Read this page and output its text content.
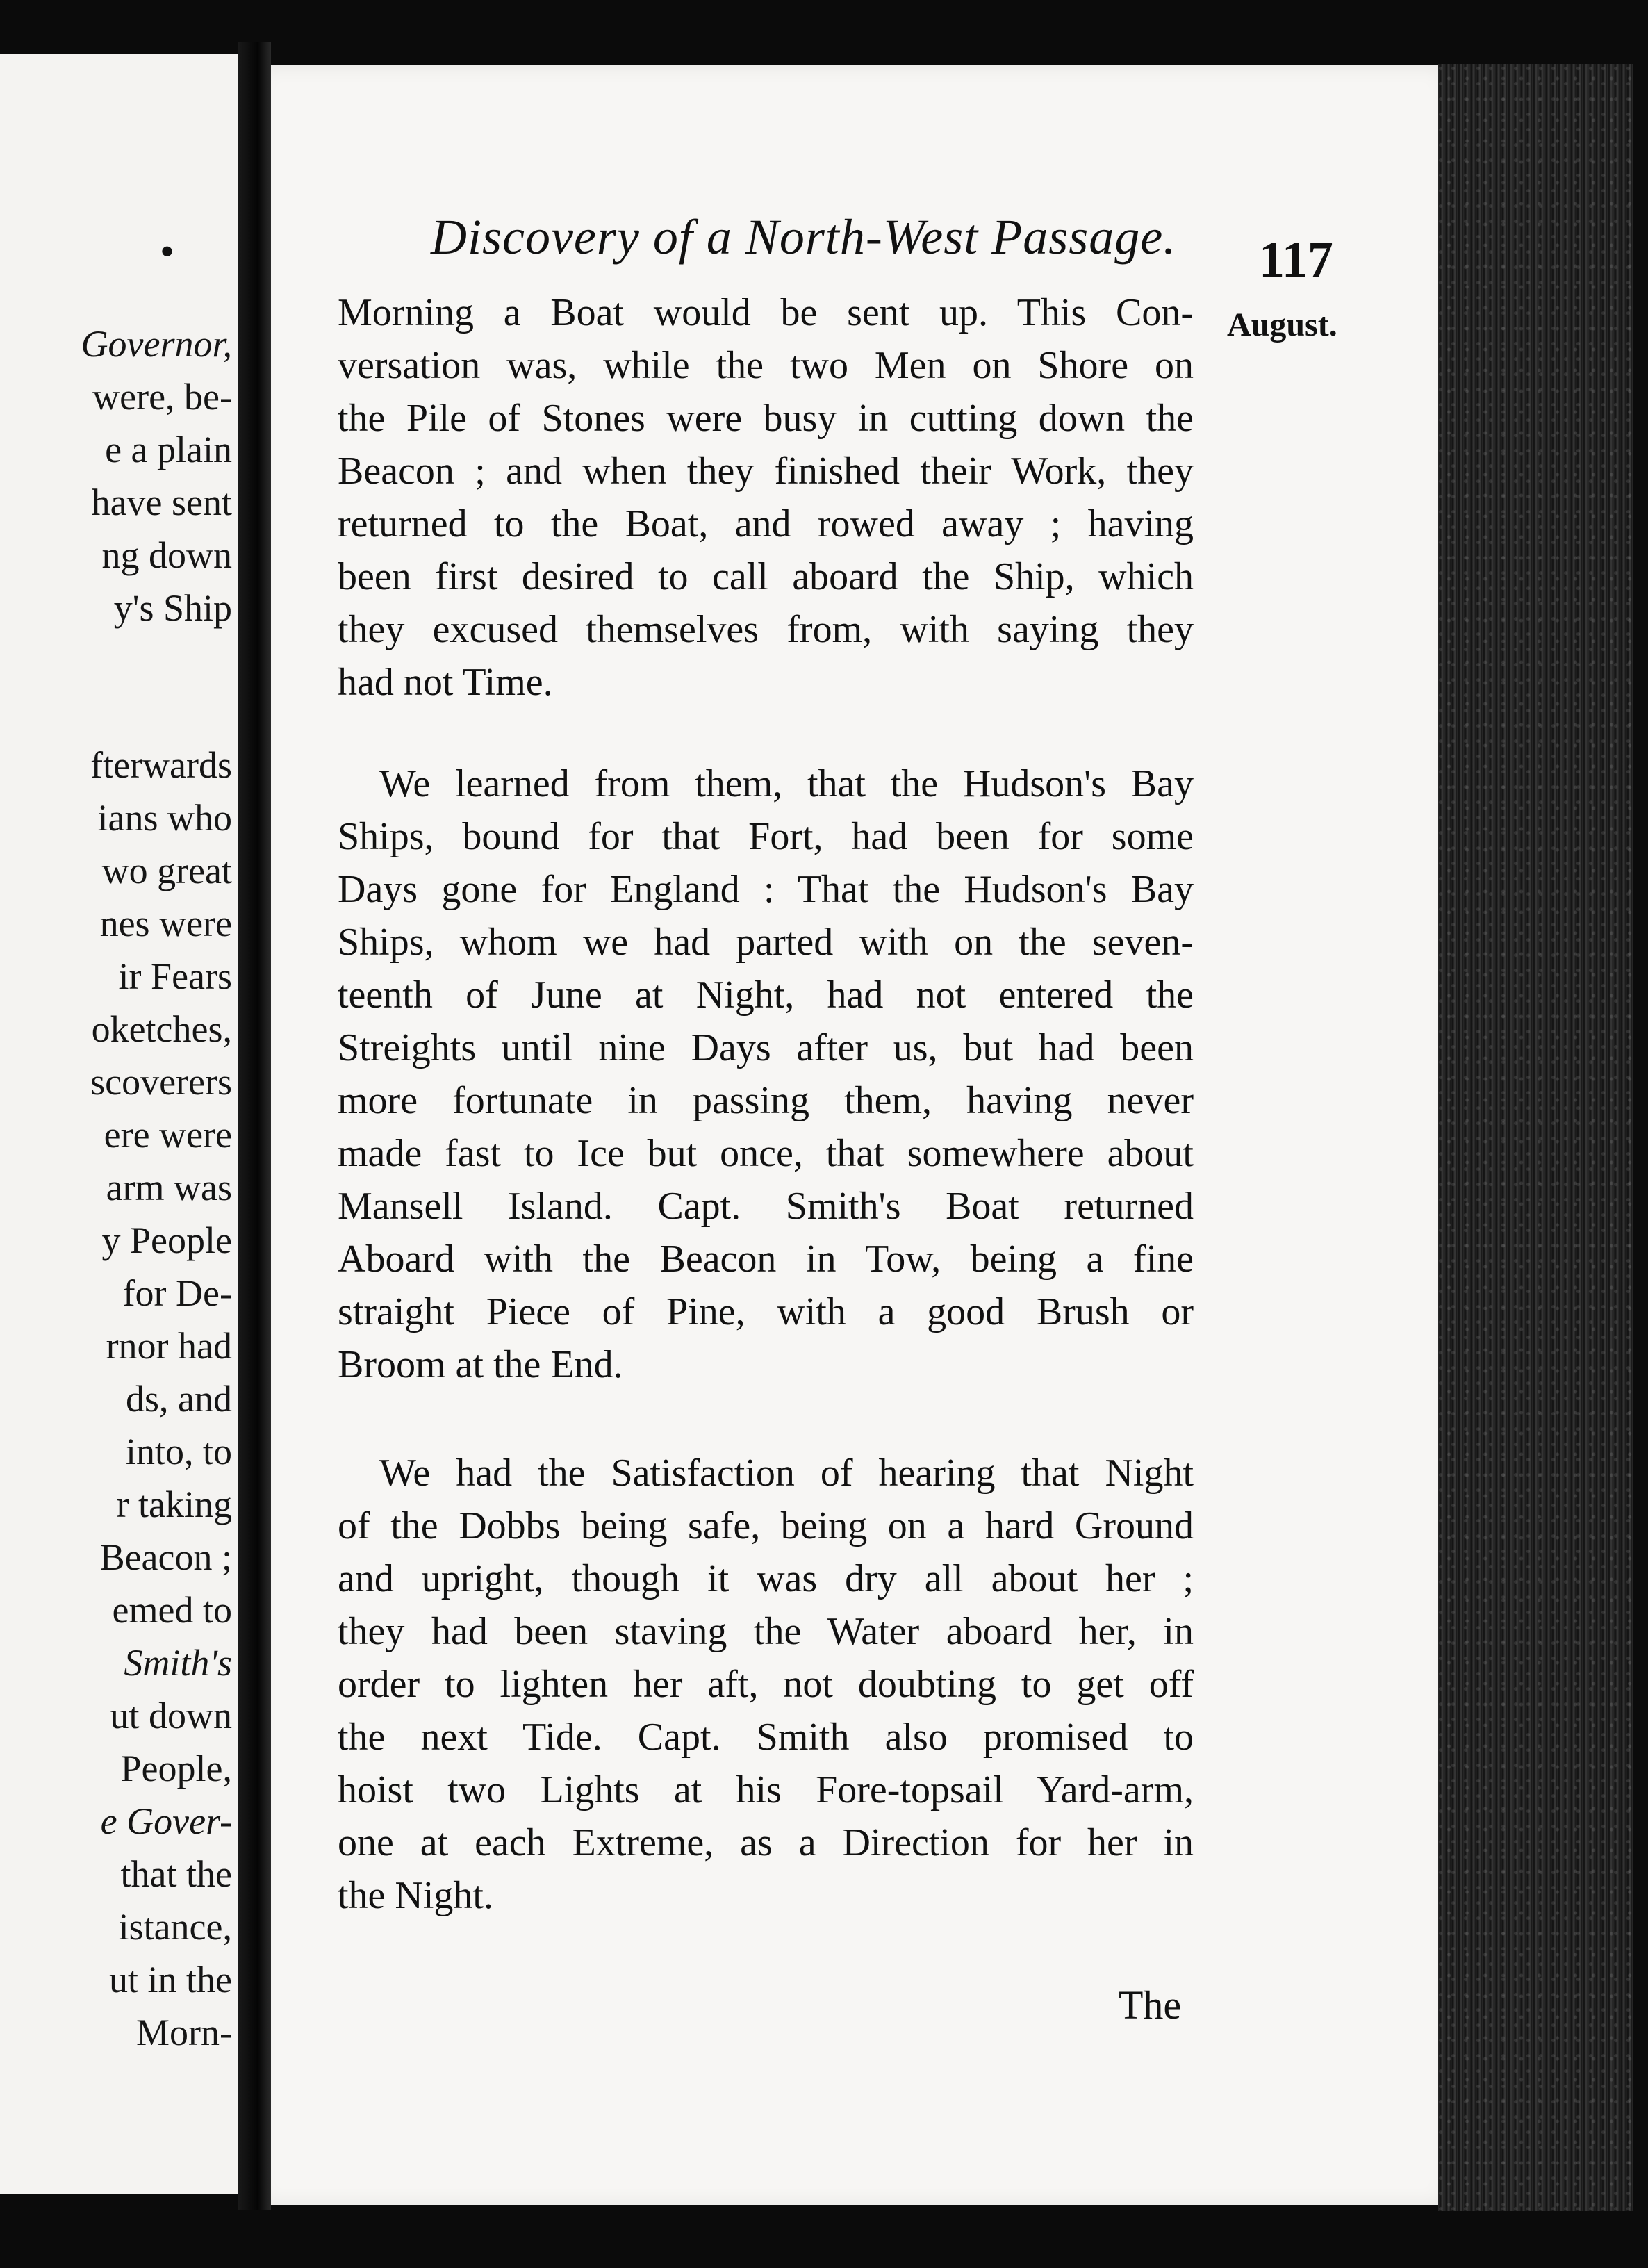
•
Governor,
were, be-
e a plain
have sent
ng down
y's Ship
fterwards
ians who
wo great
nes were
ir Fears
oketches,
scoverers
ere were
arm was
y People
for De-
rnor had
ds, and
into, to
r taking
Beacon ;
emed to
Smith's
ut down
People,
e Gover-
that the
istance,
ut in the
Morn-
Discovery of a North-West Passage. 117
August.
Morning a Boat would be sent up. This Con-
versation was, while the two Men on Shore on
the Pile of Stones were busy in cutting down the
Beacon ; and when they finished their Work, they
returned to the Boat, and rowed away ; having
been first desired to call aboard the Ship, which
they excused themselves from, with saying they
had not Time.
We learned from them, that the Hudson's Bay
Ships, bound for that Fort, had been for some
Days gone for England : That the Hudson's Bay
Ships, whom we had parted with on the seven-
teenth of June at Night, had not entered the
Streights until nine Days after us, but had been
more fortunate in passing them, having never
made fast to Ice but once, that somewhere about
Mansell Island. Capt. Smith's Boat returned
Aboard with the Beacon in Tow, being a fine
straight Piece of Pine, with a good Brush or
Broom at the End.
We had the Satisfaction of hearing that Night
of the Dobbs being safe, being on a hard Ground
and upright, though it was dry all about her ;
they had been staving the Water aboard her, in
order to lighten her aft, not doubting to get off
the next Tide. Capt. Smith also promised to
hoist two Lights at his Fore-topsail Yard-arm,
one at each Extreme, as a Direction for her in
the Night.
The
